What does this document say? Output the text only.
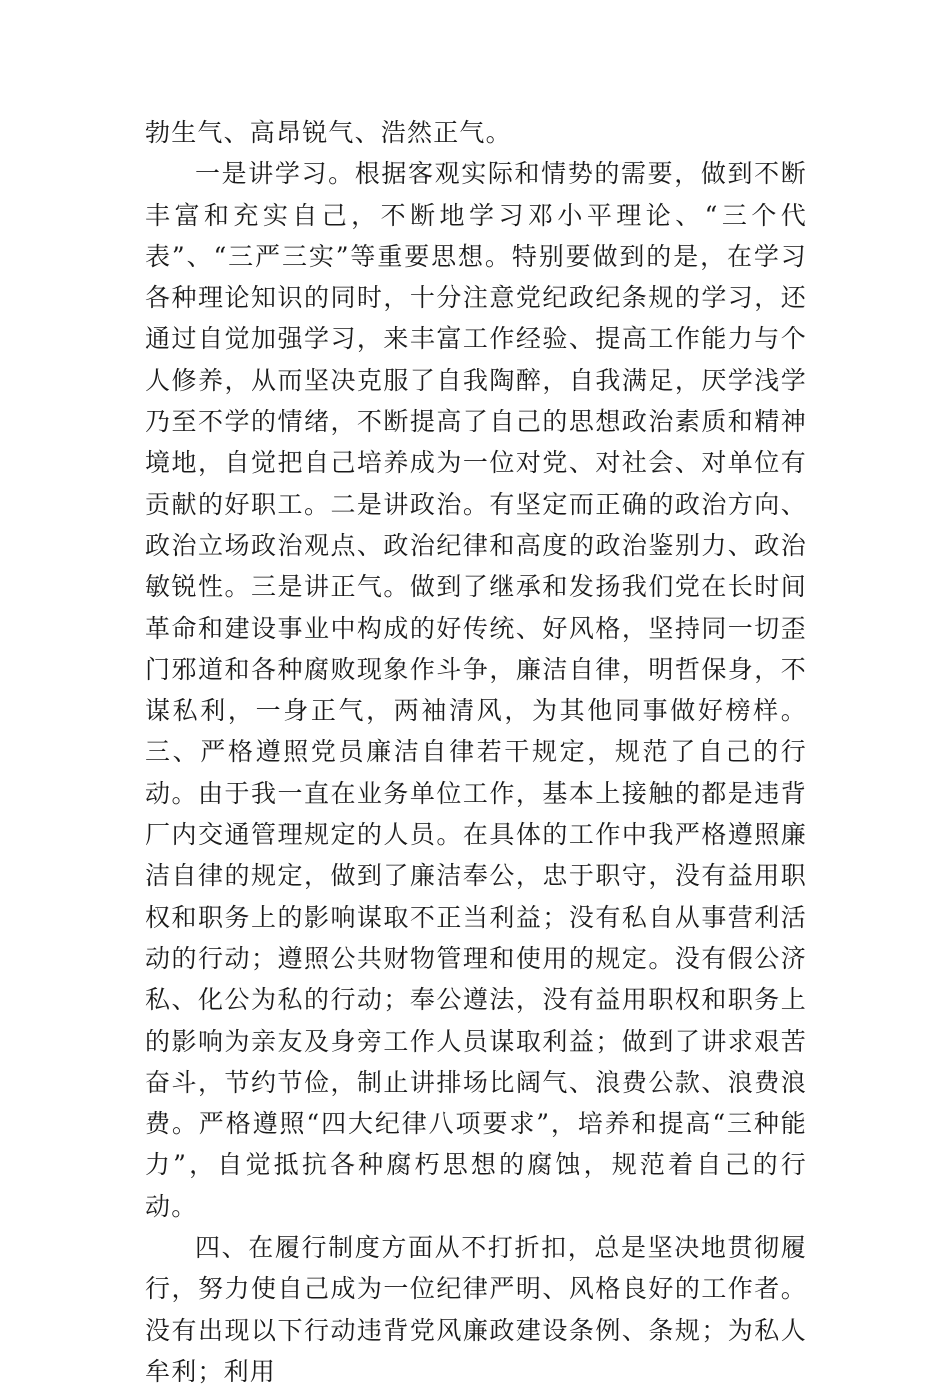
勃生气、高昂锐气、浩然正气。

一是讲学习。根据客观实际和情势的需要，做到不断丰富和充实自己，不断地学习邓小平理论、“三个代表”、“三严三实”等重要思想。特别要做到的是，在学习各种理论知识的同时，十分注意党纪政纪条规的学习，还通过自觉加强学习，来丰富工作经验、提高工作能力与个人修养，从而坚决克服了自我陶醉，自我满足，厌学浅学乃至不学的情绪，不断提高了自己的思想政治素质和精神境地，自觉把自己培养成为一位对党、对社会、对单位有贡献的好职工。二是讲政治。有坚定而正确的政治方向、政治立场政治观点、政治纪律和高度的政治鉴别力、政治敏锐性。三是讲正气。做到了继承和发扬我们党在长时间革命和建设事业中构成的好传统、好风格，坚持同一切歪门邪道和各种腐败现象作斗争，廉洁自律，明哲保身，不谋私利，一身正气，两袖清风，为其他同事做好榜样。三、严格遵照党员廉洁自律若干规定，规范了自己的行动。由于我一直在业务单位工作，基本上接触的都是违背厂内交通管理规定的人员。在具体的工作中我严格遵照廉洁自律的规定，做到了廉洁奉公，忠于职守，没有益用职权和职务上的影响谋取不正当利益；没有私自从事营利活动的行动；遵照公共财物管理和使用的规定。没有假公济私、化公为私的行动；奉公遵法，没有益用职权和职务上的影响为亲友及身旁工作人员谋取利益；做到了讲求艰苦奋斗，节约节俭，制止讲排场比阔气、浪费公款、浪费浪费。严格遵照“四大纪律八项要求”，培养和提高“三种能力”，自觉抵抗各种腐朽思想的腐蚀，规范着自己的行动。

四、在履行制度方面从不打折扣，总是坚决地贯彻履行，努力使自己成为一位纪律严明、风格良好的工作者。没有出现以下行动违背党风廉政建设条例、条规；为私人牟利；利用
